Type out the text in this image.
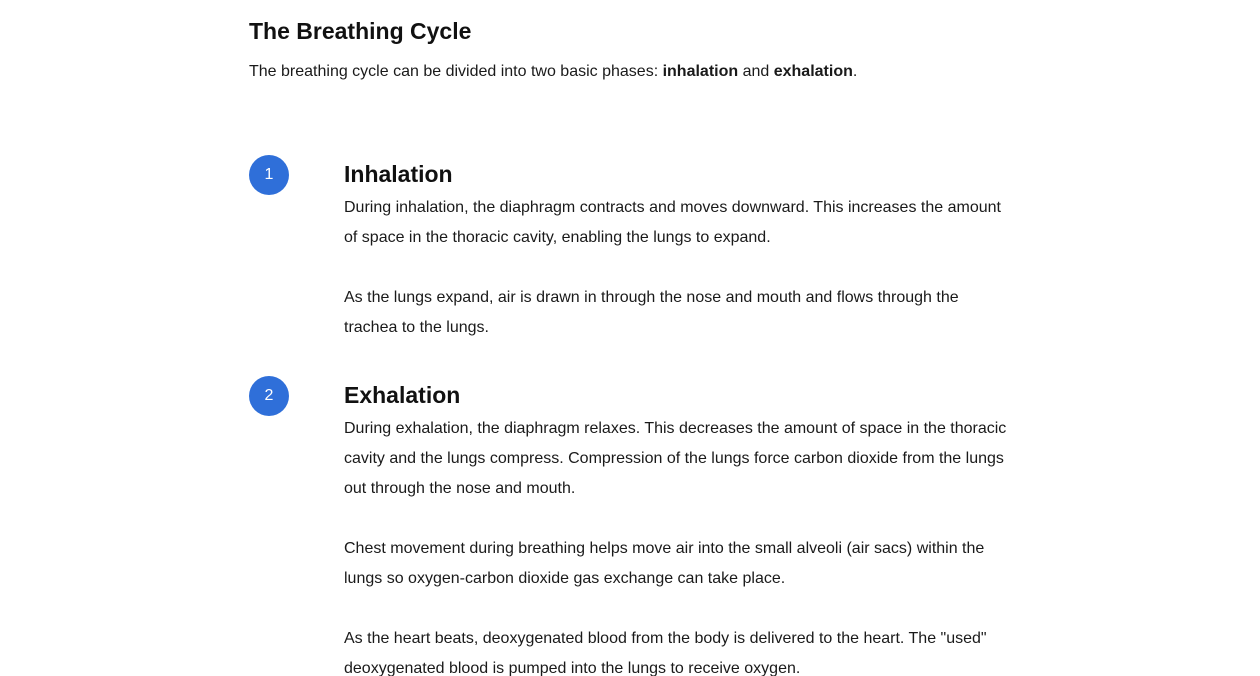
The Breathing Cycle

The breathing cycle can be divided into two basic phases: inhalation and exhalation.

1	Inhalation

During inhalation, the diaphragm contracts and moves downward. This increases the amount of space in the thoracic cavity, enabling the lungs to expand.

As the lungs expand, air is drawn in through the nose and mouth and flows through the trachea to the lungs.

2	Exhalation

During exhalation, the diaphragm relaxes. This decreases the amount of space in the thoracic cavity and the lungs compress. Compression of the lungs force carbon dioxide from the lungs out through the nose and mouth.

Chest movement during breathing helps move air into the small alveoli (air sacs) within the lungs so oxygen-carbon dioxide gas exchange can take place.

As the heart beats, deoxygenated blood from the body is delivered to the heart. The "used" deoxygenated blood is pumped into the lungs to receive oxygen.
